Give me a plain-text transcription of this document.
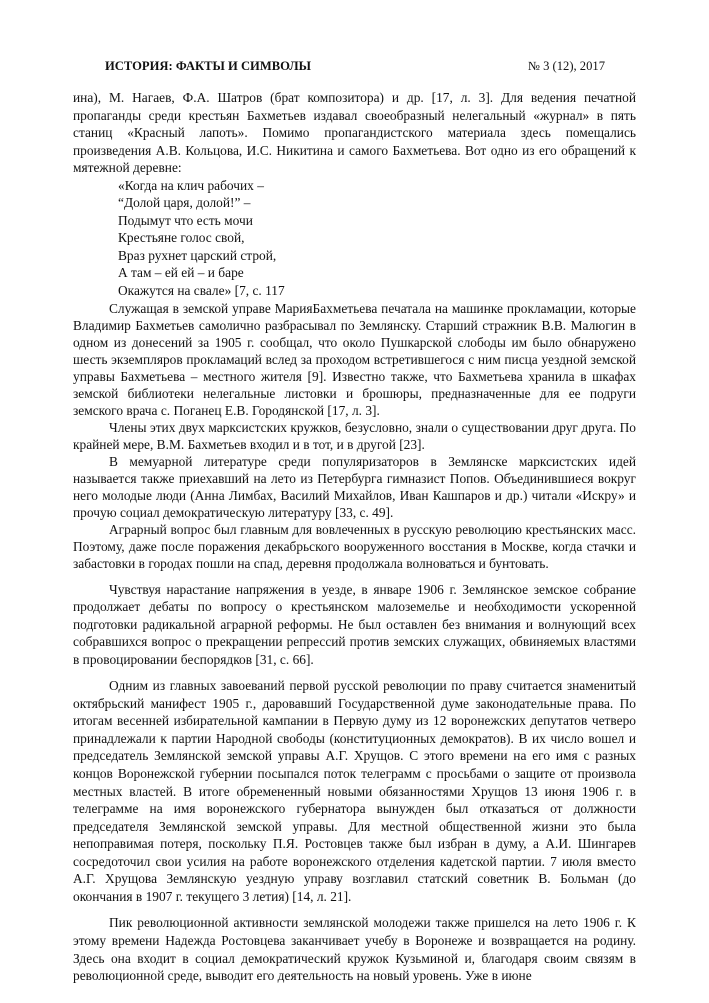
ИСТОРИЯ: ФАКТЫ И СИМВОЛЫ	№ 3 (12), 2017

ина), М. Нагаев, Ф.А. Шатров (брат композитора) и др. [17, л. 3]. Для ведения печатной пропаганды среди крестьян Бахметьев издавал своеобразный нелегальный «журнал» в пять станиц «Красный лапоть». Помимо пропагандистского материала здесь помещались произведения А.В. Кольцова, И.С. Никитина и самого Бахметьева. Вот одно из его обращений к мятежной деревне:

«Когда на клич рабочих –
“Долой царя, долой!” –
Подымут что есть мочи
Крестьяне голос свой,
Враз рухнет царский строй,
А там – ей ей – и баре
Окажутся на свале» [7, с. 117

Служащая в земской управе МарияБахметьева печатала на машинке прокламации, которые Владимир Бахметьев самолично разбрасывал по Землянску. Старший стражник В.В. Малюгин в одном из донесений за 1905 г. сообщал, что около Пушкарской слободы им было обнаружено шесть экземпляров прокламаций вслед за проходом встретившегося с ним писца уездной земской управы Бахметьева – местного жителя [9]. Известно также, что Бахметьева хранила в шкафах земской библиотеки нелегальные листовки и брошюры, предназначенные для ее подруги земского врача с. Поганец Е.В. Городянской [17, л. 3].

Члены этих двух марксистских кружков, безусловно, знали о существовании друг друга. По крайней мере, В.М. Бахметьев входил и в тот, и в другой [23].

В мемуарной литературе среди популяризаторов в Землянске марксистских идей называется также приехавший на лето из Петербурга гимназист Попов. Объединившиеся вокруг него молодые люди (Анна Лимбах, Василий Михайлов, Иван Кашпаров и др.) читали «Искру» и прочую социал демократическую литературу [33, с. 49].

Аграрный вопрос был главным для вовлеченных в русскую революцию крестьянских масс. Поэтому, даже после поражения декабрьского вооруженного восстания в Москве, когда стачки и забастовки в городах пошли на спад, деревня продолжала волноваться и бунтовать.

Чувствуя нарастание напряжения в уезде, в январе 1906 г. Землянское земское собрание продолжает дебаты по вопросу о крестьянском малоземелье и необходимости ускоренной подготовки радикальной аграрной реформы. Не был оставлен без внимания и волнующий всех собравшихся вопрос о прекращении репрессий против земских служащих, обвиняемых властями в провоцировании беспорядков [31, с. 66].

Одним из главных завоеваний первой русской революции по праву считается знаменитый октябрьский манифест 1905 г., даровавший Государственной думе законодательные права. По итогам весенней избирательной кампании в Первую думу из 12 воронежских депутатов четверо принадлежали к партии Народной свободы (конституционных демократов). В их число вошел и председатель Землянской земской управы А.Г. Хрущов. С этого времени на его имя с разных концов Воронежской губернии посыпался поток телеграмм с просьбами о защите от произвола местных властей. В итоге обремененный новыми обязанностями Хрущов 13 июня 1906 г. в телеграмме на имя воронежского губернатора вынужден был отказаться от должности председателя Землянской земской управы. Для местной общественной жизни это была непоправимая потеря, поскольку П.Я. Ростовцев также был избран в думу, а А.И. Шингарев сосредоточил свои усилия на работе воронежского отделения кадетской партии. 7 июля вместо А.Г. Хрущова Землянскую уездную управу возглавил статский советник В. Больман (до окончания в 1907 г. текущего 3 летия) [14, л. 21].

Пик революционной активности землянской молодежи также пришелся на лето 1906 г. К этому времени Надежда Ростовцева заканчивает учебу в Воронеже и возвращается на родину. Здесь она входит в социал демократический кружок Кузьминой и, благодаря своим связям в революционной среде, выводит его деятельность на новый уровень. Уже в июне
